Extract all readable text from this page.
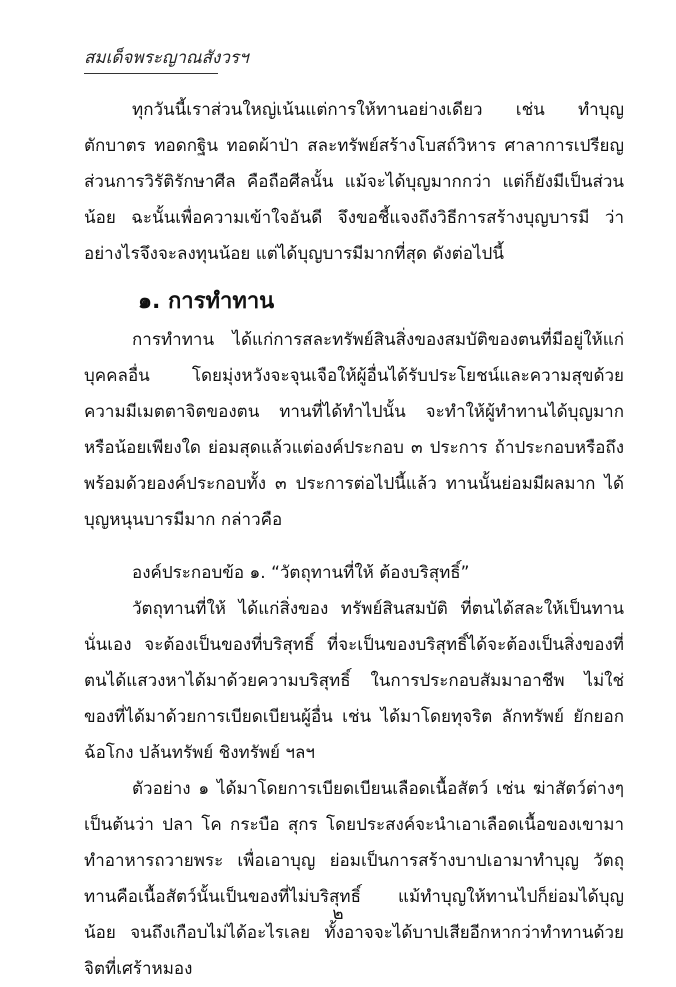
สมเด็จพระญาณสังวรฯ

ทุกวันนี้เราส่วนใหญ่เน้นแต่การให้ทานอย่างเดียว เช่น ทำบุญตักบาตร ทอดกฐิน ทอดผ้าป่า สละทรัพย์สร้างโบสถ์วิหาร ศาลาการเปรียญ ส่วนการวิรัติรักษาศีล คือถือศีลนั้น แม้จะได้บุญมากกว่า แต่ก็ยังมีเป็นส่วนน้อย ฉะนั้นเพื่อความเข้าใจอันดี จึงขอชี้แจงถึงวิธีการสร้างบุญบารมี ว่าอย่างไรจึงจะลงทุนน้อย แต่ได้บุญบารมีมากที่สุด ดังต่อไปนี้

๑. การทำทาน

การทำทาน ได้แก่การสละทรัพย์สินสิ่งของสมบัติของตนที่มีอยู่ให้แก่บุคคลอื่น โดยมุ่งหวังจะจุนเจือให้ผู้อื่นได้รับประโยชน์และความสุขด้วยความมีเมตตาจิตของตน ทานที่ได้ทำไปนั้น จะทำให้ผู้ทำทานได้บุญมากหรือน้อยเพียงใด ย่อมสุดแล้วแต่องค์ประกอบ ๓ ประการ ถ้าประกอบหรือถึงพร้อมด้วยองค์ประกอบทั้ง ๓ ประการต่อไปนี้แล้ว ทานนั้นย่อมมีผลมาก ได้บุญหนุนบารมีมาก กล่าวคือ

องค์ประกอบข้อ ๑. “วัตถุทานที่ให้ ต้องบริสุทธิ์”

วัตถุทานที่ให้ ได้แก่สิ่งของ ทรัพย์สินสมบัติ ที่ตนได้สละให้เป็นทานนั่นเอง จะต้องเป็นของที่บริสุทธิ์ ที่จะเป็นของบริสุทธิ์ได้จะต้องเป็นสิ่งของที่ตนได้แสวงหาได้มาด้วยความบริสุทธิ์ ในการประกอบสัมมาอาชีพ ไม่ใช่ของที่ได้มาด้วยการเบียดเบียนผู้อื่น เช่น ได้มาโดยทุจริต ลักทรัพย์ ยักยอก ฉ้อโกง ปล้นทรัพย์ ชิงทรัพย์ ฯลฯ

ตัวอย่าง ๑ ได้มาโดยการเบียดเบียนเลือดเนื้อสัตว์ เช่น ฆ่าสัตว์ต่างๆ เป็นต้นว่า ปลา โค กระบือ สุกร โดยประสงค์จะนำเอาเลือดเนื้อของเขามาทำอาหารถวายพระ เพื่อเอาบุญ ย่อมเป็นการสร้างบาปเอามาทำบุญ วัตถุทานคือเนื้อสัตว์นั้นเป็นของที่ไม่บริสุทธิ์ แม้ทำบุญให้ทานไปก็ย่อมได้บุญน้อย จนถึงเกือบไม่ได้อะไรเลย ทั้งอาจจะได้บาปเสียอีกหากว่าทำทานด้วยจิตที่เศร้าหมอง

๒
